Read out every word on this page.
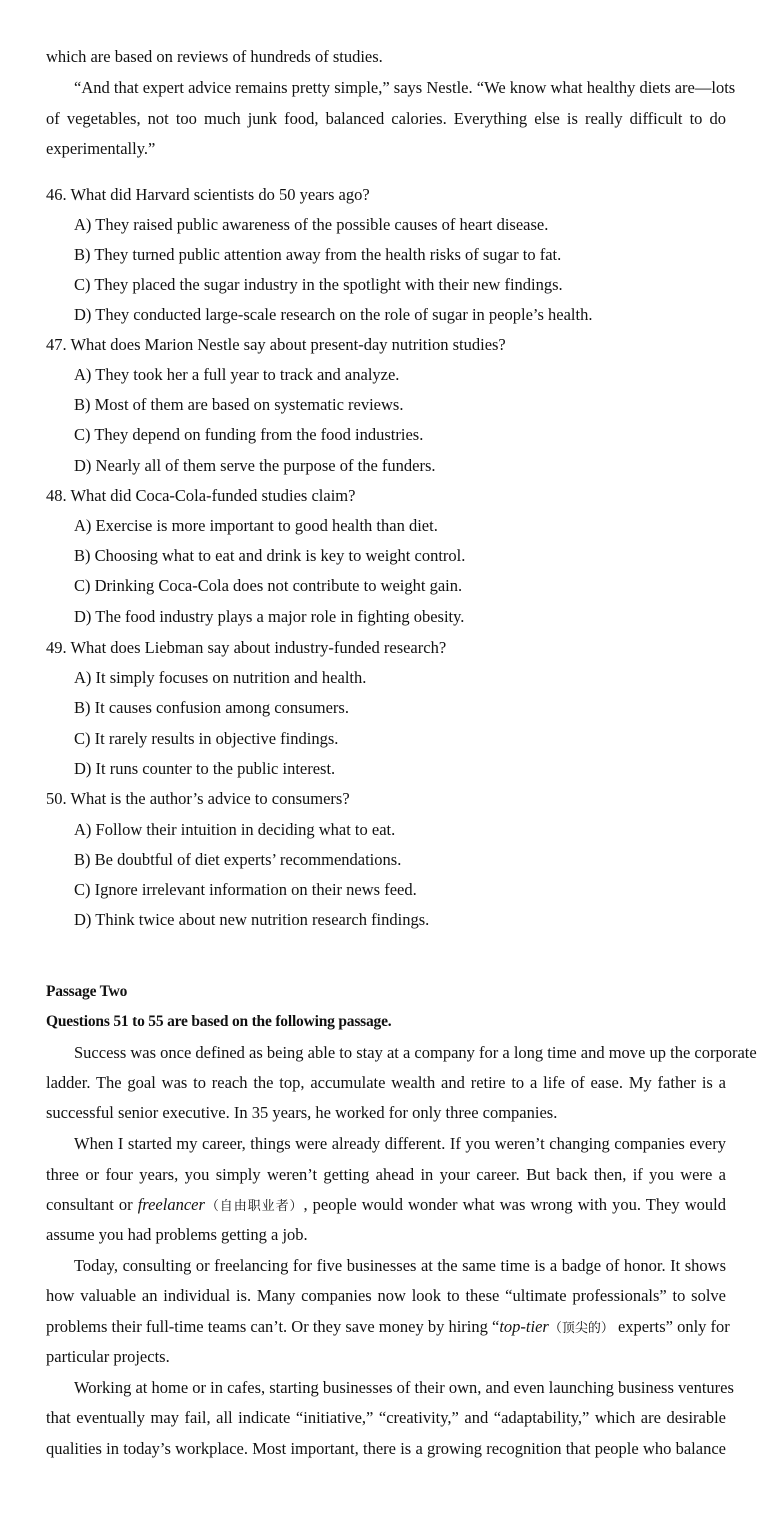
which are based on reviews of hundreds of studies.
“And that expert advice remains pretty simple,” says Nestle. “We know what healthy diets are—lots
of vegetables, not too much junk food, balanced calories. Everything else is really difficult to do
experimentally.”
46. What did Harvard scientists do 50 years ago?
A) They raised public awareness of the possible causes of heart disease.
B) They turned public attention away from the health risks of sugar to fat.
C) They placed the sugar industry in the spotlight with their new findings.
D) They conducted large-scale research on the role of sugar in people’s health.
47. What does Marion Nestle say about present-day nutrition studies?
A) They took her a full year to track and analyze.
B) Most of them are based on systematic reviews.
C) They depend on funding from the food industries.
D) Nearly all of them serve the purpose of the funders.
48. What did Coca-Cola-funded studies claim?
A) Exercise is more important to good health than diet.
B) Choosing what to eat and drink is key to weight control.
C) Drinking Coca-Cola does not contribute to weight gain.
D) The food industry plays a major role in fighting obesity.
49. What does Liebman say about industry-funded research?
A) It simply focuses on nutrition and health.
B) It causes confusion among consumers.
C) It rarely results in objective findings.
D) It runs counter to the public interest.
50. What is the author’s advice to consumers?
A) Follow their intuition in deciding what to eat.
B) Be doubtful of diet experts’ recommendations.
C) Ignore irrelevant information on their news feed.
D) Think twice about new nutrition research findings.
Passage Two
Questions 51 to 55 are based on the following passage.
Success was once defined as being able to stay at a company for a long time and move up the corporate
ladder. The goal was to reach the top, accumulate wealth and retire to a life of ease. My father is a
successful senior executive. In 35 years, he worked for only three companies.
When I started my career, things were already different. If you weren’t changing companies every
three or four years, you simply weren’t getting ahead in your career. But back then, if you were a
consultant or freelancer（自由职业者）, people would wonder what was wrong with you. They would
assume you had problems getting a job.
Today, consulting or freelancing for five businesses at the same time is a badge of honor. It shows
how valuable an individual is. Many companies now look to these “ultimate professionals” to solve
problems their full-time teams can’t. Or they save money by hiring “top-tier（顶尖的） experts” only for
particular projects.
Working at home or in cafes, starting businesses of their own, and even launching business ventures
that eventually may fail, all indicate “initiative,” “creativity,” and “adaptability,” which are desirable
qualities in today’s workplace. Most important, there is a growing recognition that people who balance
